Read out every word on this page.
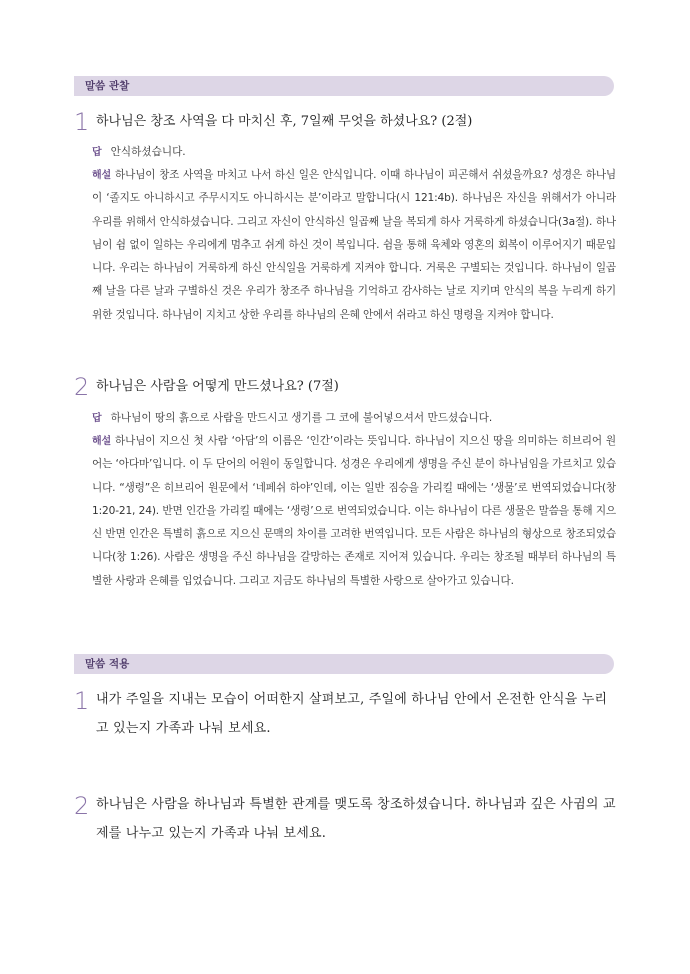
말씀 관찰
1 하나님은 창조 사역을 다 마치신 후, 7일째 무엇을 하셨나요? (2절)
답 안식하셨습니다.
해설 하나님이 창조 사역을 마치고 나서 하신 일은 안식입니다. 이때 하나님이 피곤해서 쉬셨을까요? 성경은 하나님이 ‘졸지도 아니하시고 주무시지도 아니하시는 분’이라고 말합니다(시 121:4b). 하나님은 자신을 위해서가 아니라 우리를 위해서 안식하셨습니다. 그리고 자신이 안식하신 일곱째 날을 복되게 하사 거룩하게 하셨습니다(3a절). 하나님이 쉼 없이 일하는 우리에게 멈추고 쉬게 하신 것이 복입니다. 쉼을 통해 육체와 영혼의 회복이 이루어지기 때문입니다. 우리는 하나님이 거룩하게 하신 안식일을 거룩하게 지켜야 합니다. 거룩은 구별되는 것입니다. 하나님이 일곱째 날을 다른 날과 구별하신 것은 우리가 창조주 하나님을 기억하고 감사하는 날로 지키며 안식의 복을 누리게 하기 위한 것입니다. 하나님이 지치고 상한 우리를 하나님의 은혜 안에서 쉬라고 하신 명령을 지켜야 합니다.
2 하나님은 사람을 어떻게 만드셨나요? (7절)
답 하나님이 땅의 흙으로 사람을 만드시고 생기를 그 코에 불어넣으셔서 만드셨습니다.
해설 하나님이 지으신 첫 사람 ‘아담’의 이름은 ‘인간’이라는 뜻입니다. 하나님이 지으신 땅을 의미하는 히브리어 원어는 ‘아다마’입니다. 이 두 단어의 어원이 동일합니다. 성경은 우리에게 생명을 주신 분이 하나님임을 가르치고 있습니다. “생령”은 히브리어 원문에서 ‘네페쉬 하야’인데, 이는 일반 짐승을 가리킬 때에는 ‘생물’로 번역되었습니다(창 1:20-21, 24). 반면 인간을 가리킬 때에는 ‘생령’으로 번역되었습니다. 이는 하나님이 다른 생물은 말씀을 통해 지으신 반면 인간은 특별히 흙으로 지으신 문맥의 차이를 고려한 번역입니다. 모든 사람은 하나님의 형상으로 창조되었습니다(창 1:26). 사람은 생명을 주신 하나님을 갈망하는 존재로 지어져 있습니다. 우리는 창조될 때부터 하나님의 특별한 사랑과 은혜를 입었습니다. 그리고 지금도 하나님의 특별한 사랑으로 살아가고 있습니다.
말씀 적용
1 내가 주일을 지내는 모습이 어떠한지 살펴보고, 주일에 하나님 안에서 온전한 안식을 누리고 있는지 가족과 나눠 보세요.
2 하나님은 사람을 하나님과 특별한 관계를 맺도록 창조하셨습니다. 하나님과 깊은 사귐의 교제를 나누고 있는지 가족과 나눠 보세요.
